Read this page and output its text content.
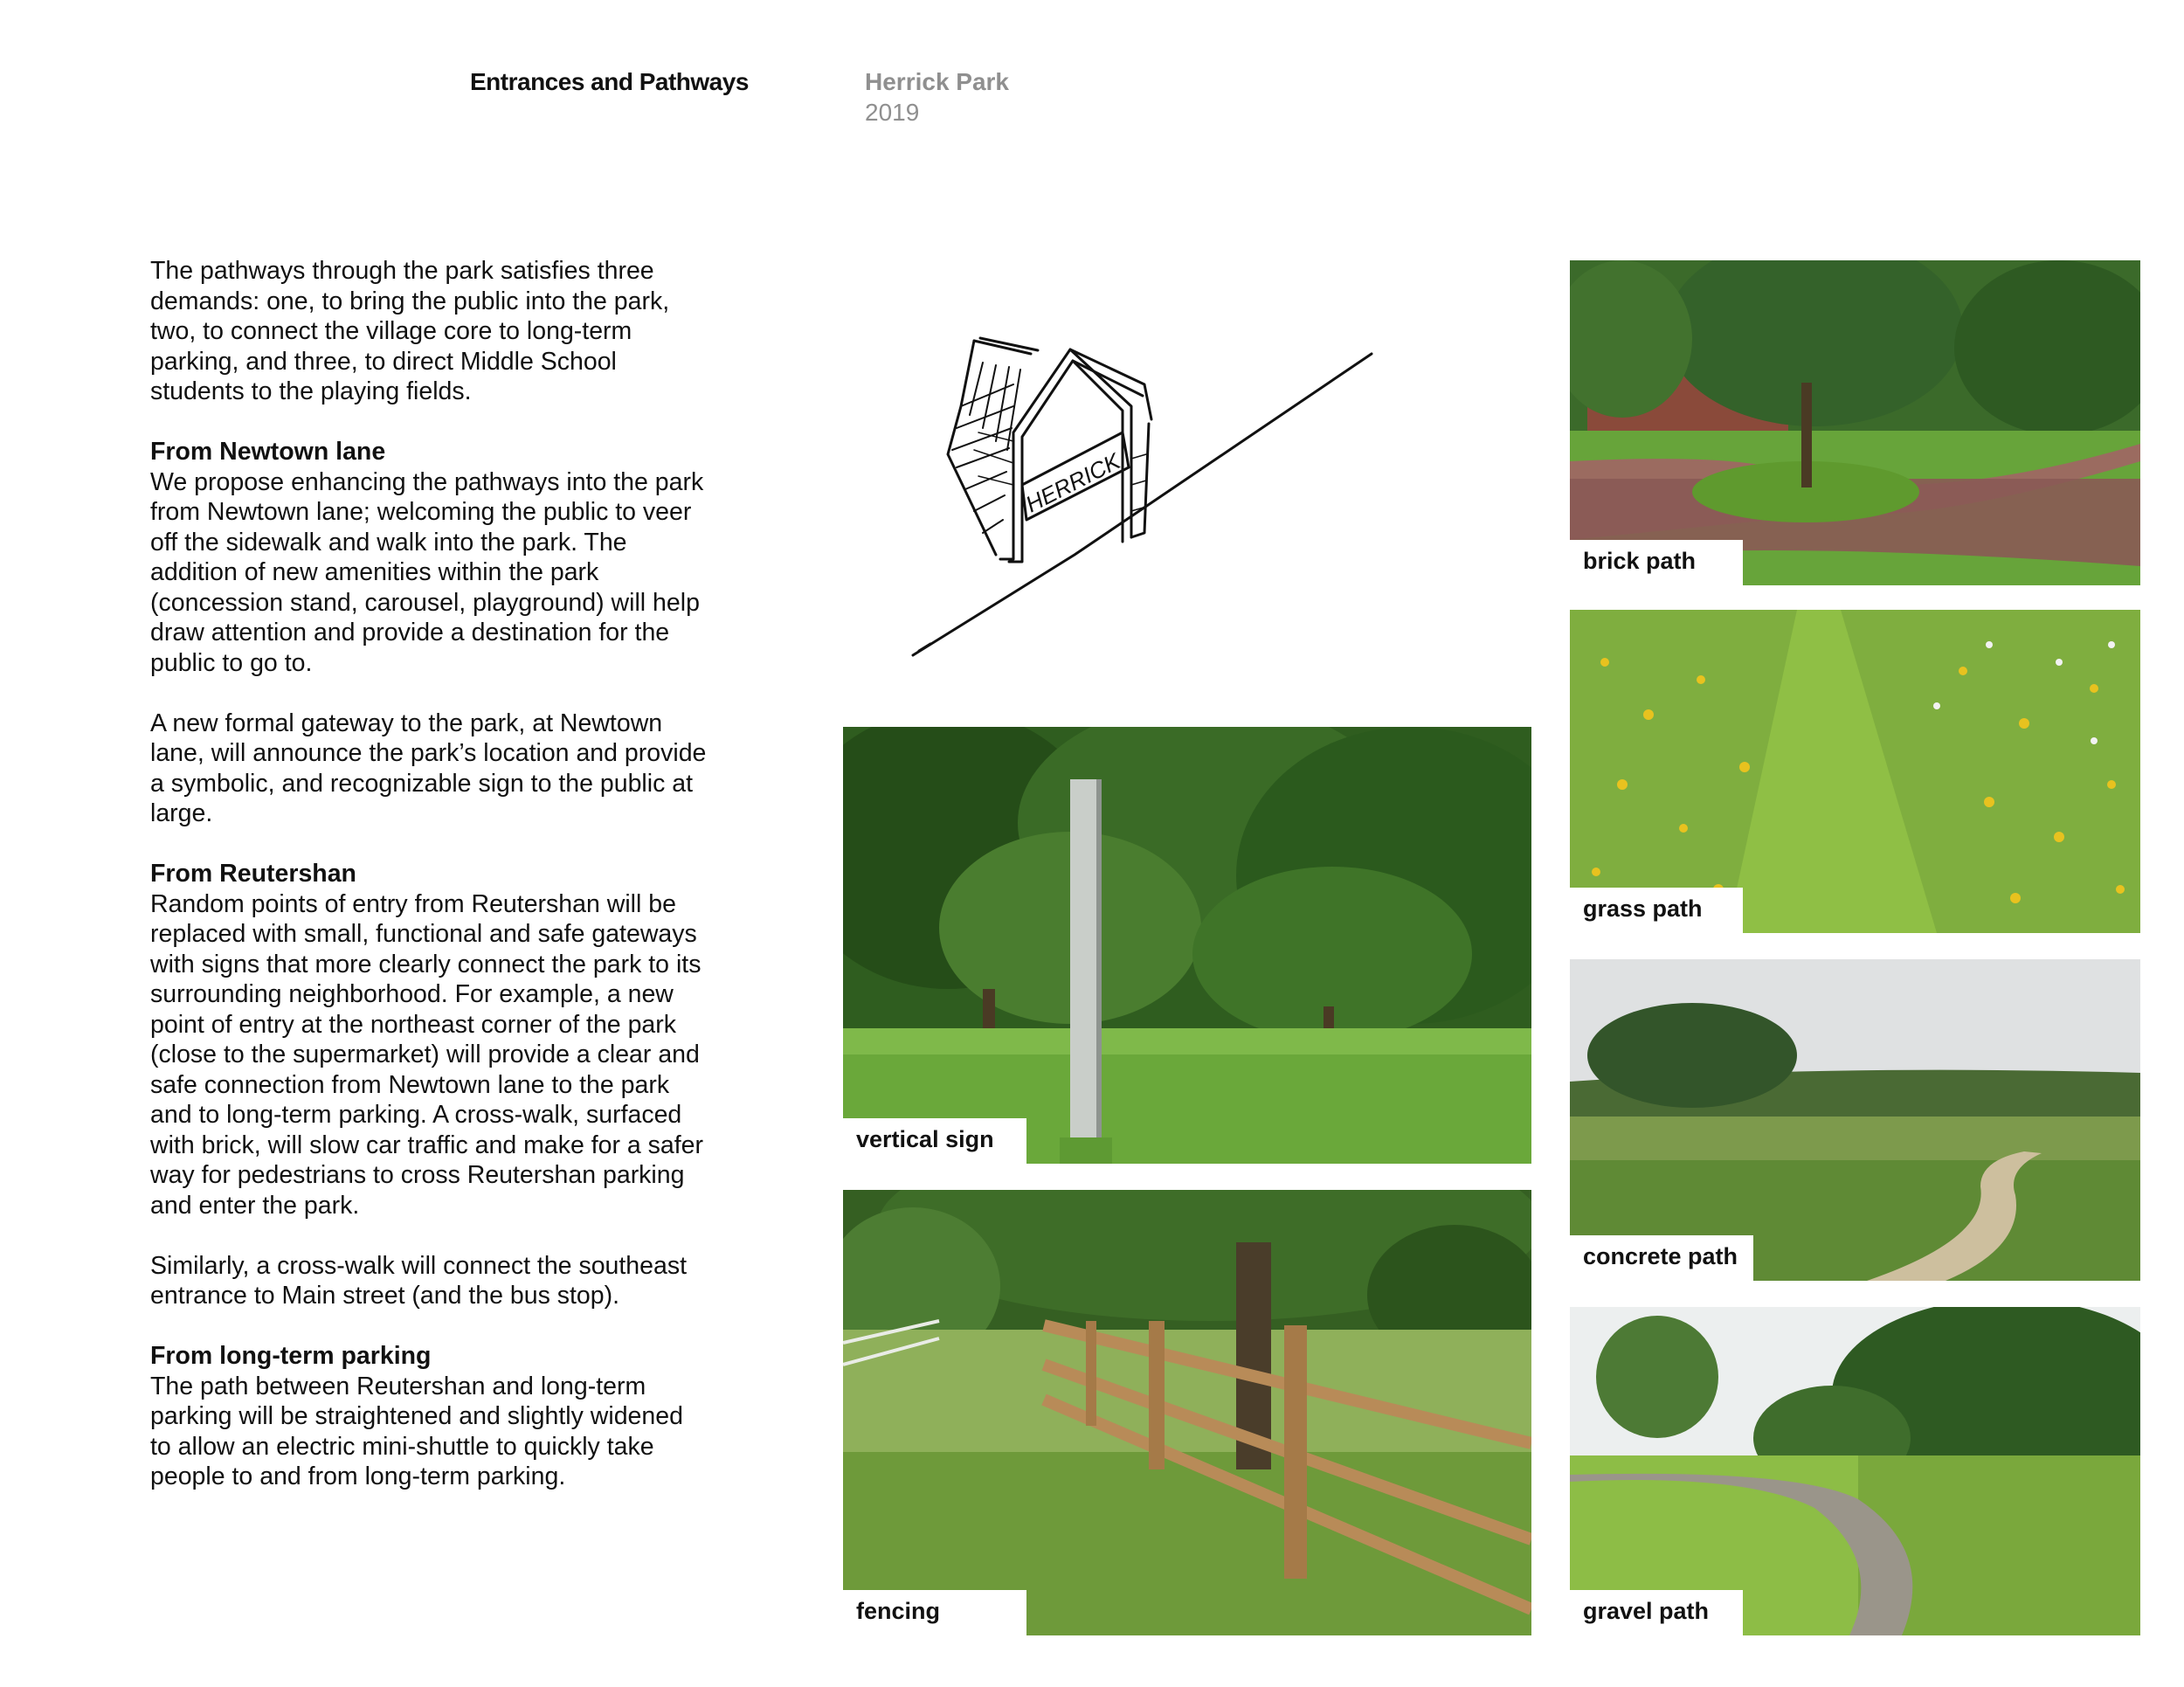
Entrances and Pathways	Herrick Park
2019

The pathways through the park satisfies three demands: one, to bring the public into the park, two, to connect the village core to long-term parking, and three, to direct Middle School students to the playing fields.

From Newtown lane

We propose enhancing the pathways into the park from Newtown lane; welcoming the public to veer off the sidewalk and walk into the park. The addition of new amenities within the park (concession stand, carousel, playground) will help draw attention and provide a destination for the public to go to.

A new formal gateway to the park, at Newtown lane, will announce the park’s location and provide a symbolic, and recognizable sign to the public at large.

From Reutershan

Random points of entry from Reutershan will be replaced with small, functional and safe gateways with signs that more clearly connect the park to its surrounding neighborhood. For example, a new point of entry at the northeast corner of the park (close to the supermarket) will provide a clear and safe connection from Newtown lane to the park and to long-term parking. A cross-walk, surfaced with brick, will slow car traffic and make for a safer way for pedestrians to cross Reutershan parking and enter the park.

Similarly, a cross-walk will connect the southeast entrance to Main street (and the bus stop).

From long-term parking

The path between Reutershan and long-term parking will be straightened and slightly widened to allow an electric mini-shuttle to quickly take people to and from long-term parking.

HERRICK
vertical sign
fencing
brick path
grass path
concrete path
gravel path
